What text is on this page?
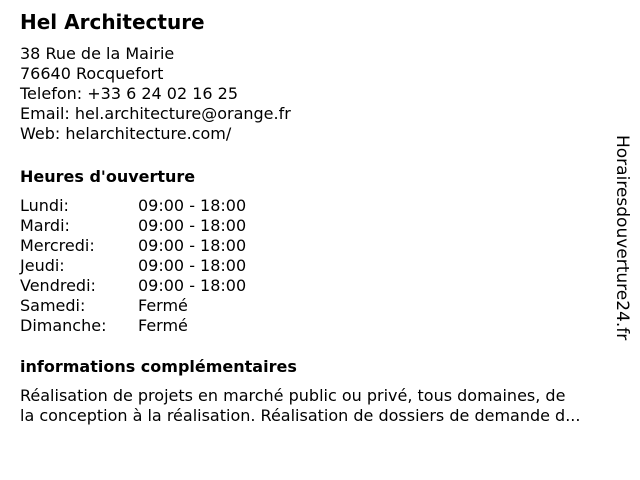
Hel Architecture
38 Rue de la Mairie
76640 Rocquefort
Telefon: +33 6 24 02 16 25
Email: hel.architecture@orange.fr
Web: helarchitecture.com/
Heures d'ouverture
Lundi:	09:00 - 18:00
Mardi:	09:00 - 18:00
Mercredi:	09:00 - 18:00
Jeudi:	09:00 - 18:00
Vendredi:	09:00 - 18:00
Samedi:	Fermé
Dimanche:	Fermé
informations complémentaires
Réalisation de projets en marché public ou privé, tous domaines, de
la conception à la réalisation. Réalisation de dossiers de demande d...
Horairesdouverture24.fr
